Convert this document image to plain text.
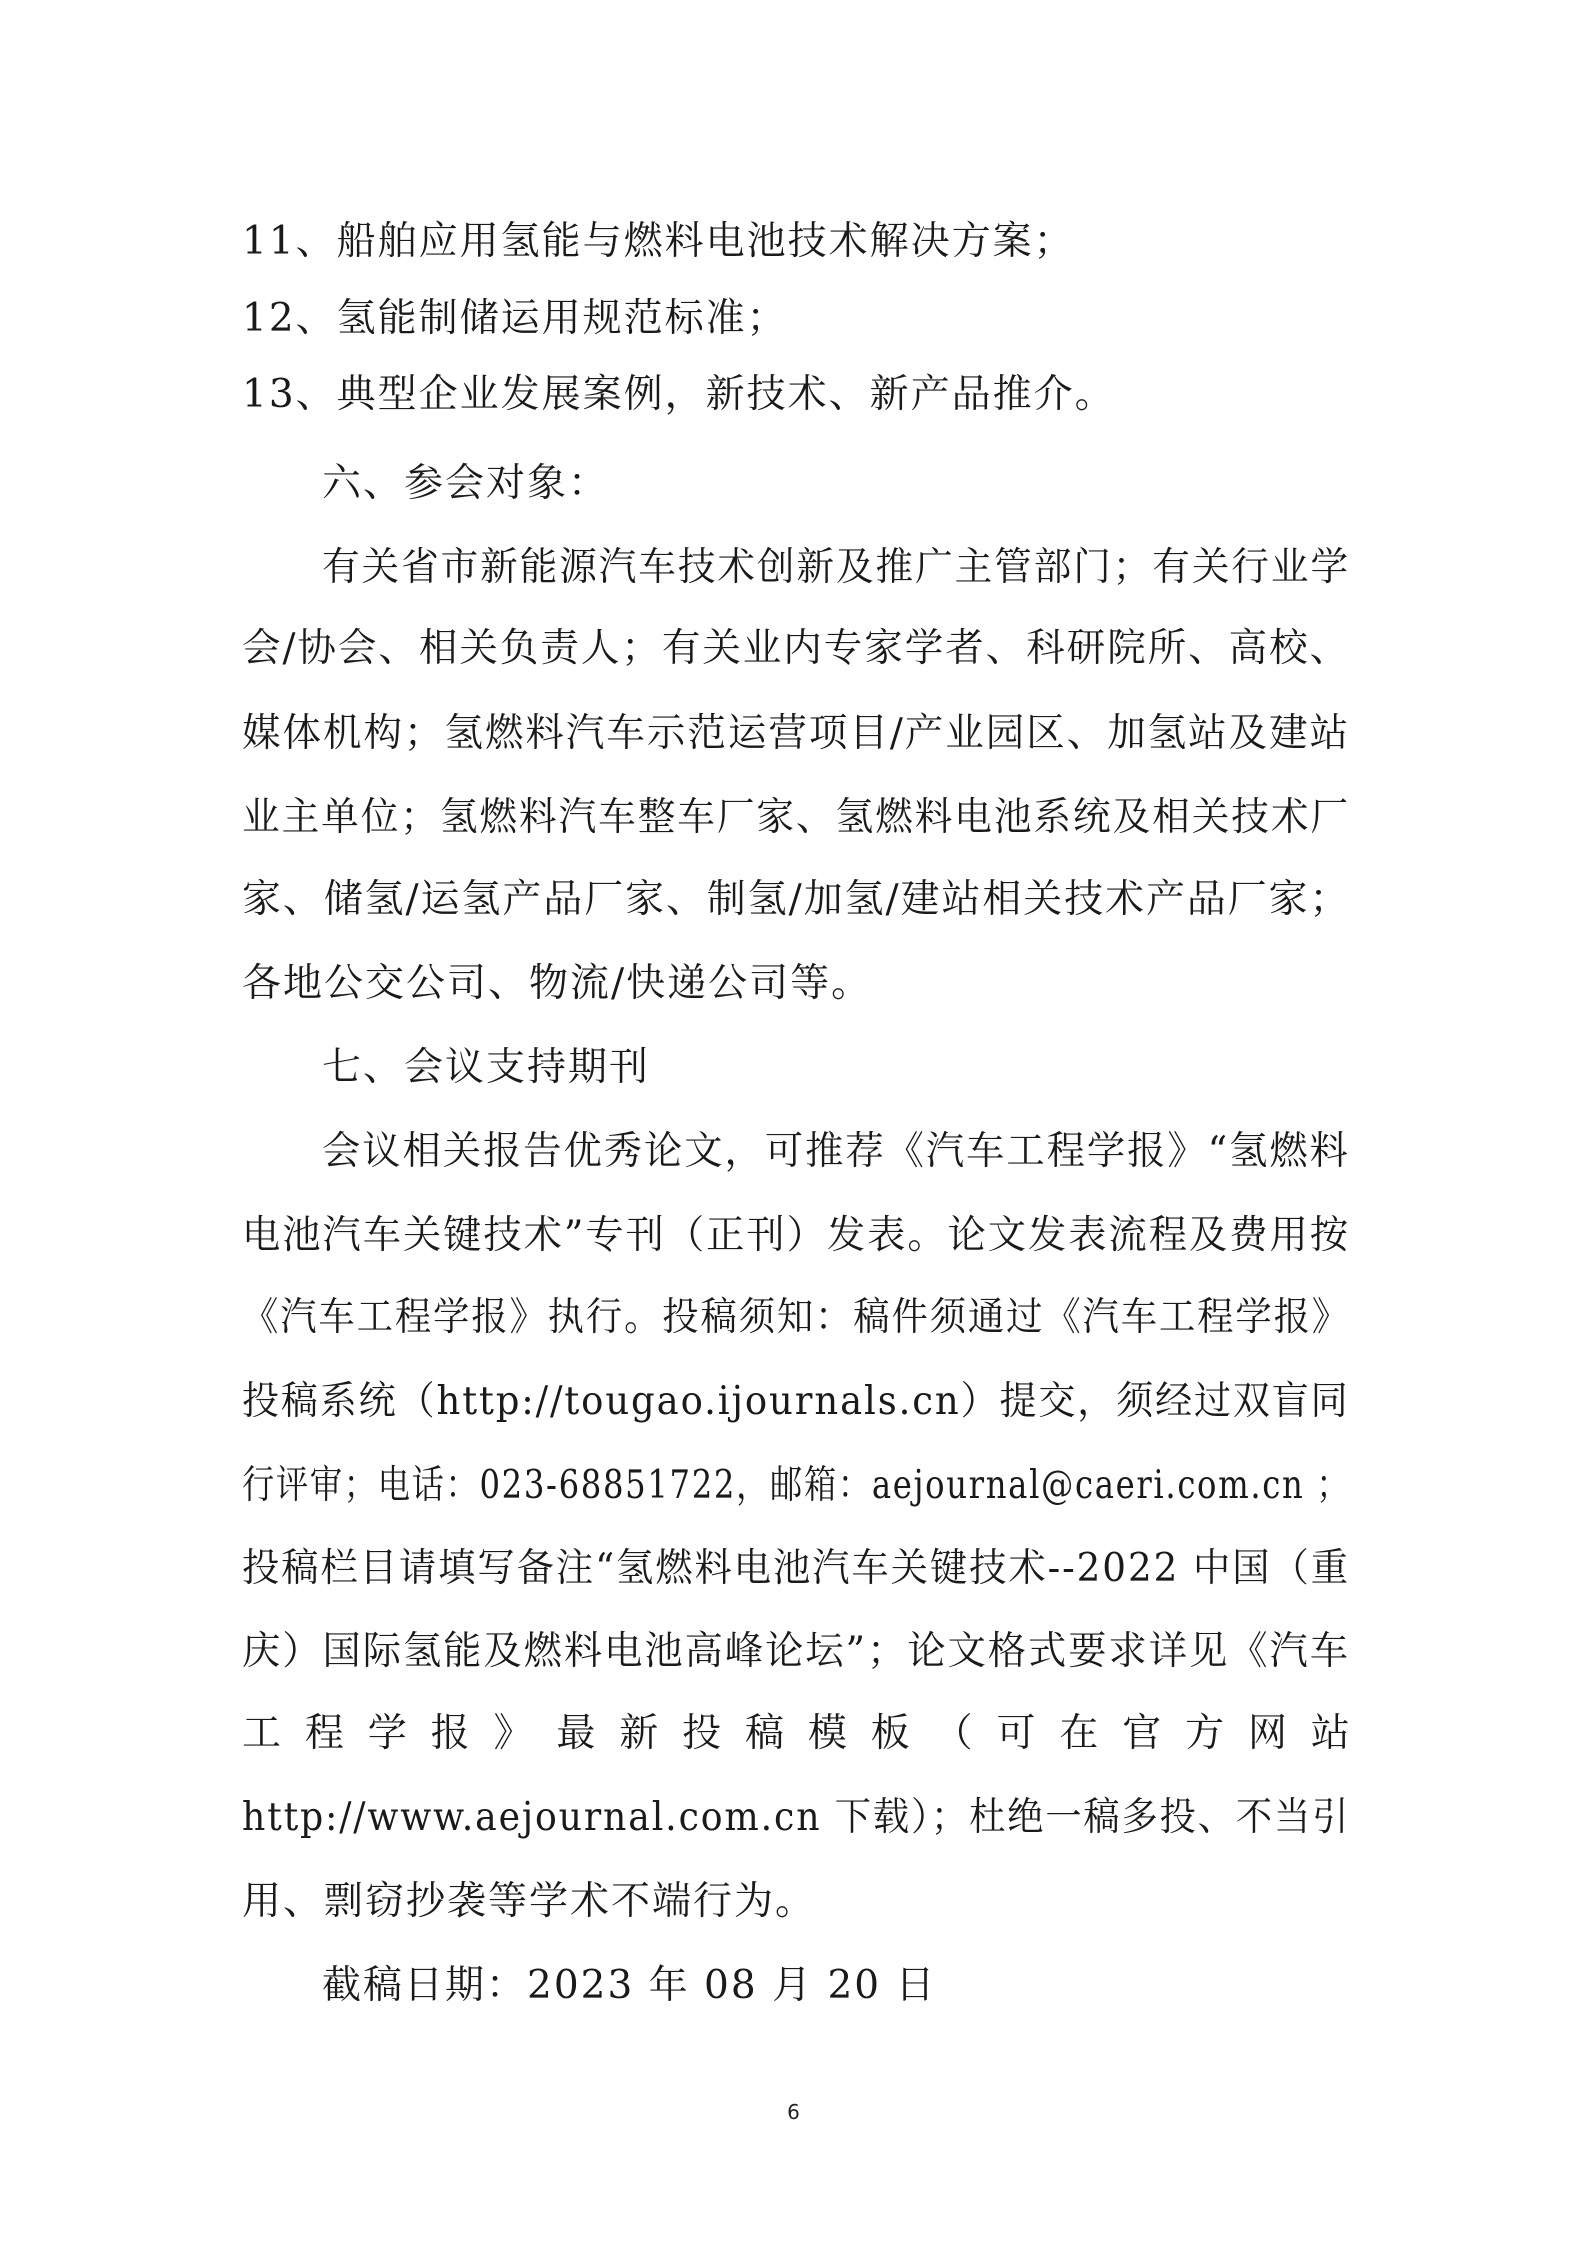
11、船舶应用氢能与燃料电池技术解决方案；
12、氢能制储运用规范标准；
13、典型企业发展案例，新技术、新产品推介。
六、参会对象：
有关省市新能源汽车技术创新及推广主管部门；有关行业学
会/协会、相关负责人；有关业内专家学者、科研院所、高校、
媒体机构；氢燃料汽车示范运营项目/产业园区、加氢站及建站
业主单位；氢燃料汽车整车厂家、氢燃料电池系统及相关技术厂
家、储氢/运氢产品厂家、制氢/加氢/建站相关技术产品厂家；
各地公交公司、物流/快递公司等。
七、会议支持期刊
会议相关报告优秀论文，可推荐《汽车工程学报》“氢燃料
电池汽车关键技术”专刊（正刊）发表。论文发表流程及费用按
《汽车工程学报》执行。投稿须知：稿件须通过《汽车工程学报》
投稿系统（http://tougao.ijournals.cn）提交，须经过双盲同
行评审；电话：023-68851722，邮箱：aejournal@caeri.com.cn ；
投稿栏目请填写备注“氢燃料电池汽车关键技术--2022 中国（重
庆）国际氢能及燃料电池高峰论坛”；论文格式要求详见《汽车
工 程 学 报 》 最 新 投 稿 模 板 （ 可 在 官 方 网 站
http://www.aejournal.com.cn 下载）；杜绝一稿多投、不当引
用、剽窃抄袭等学术不端行为。
截稿日期：2023 年 08 月 20 日
6
